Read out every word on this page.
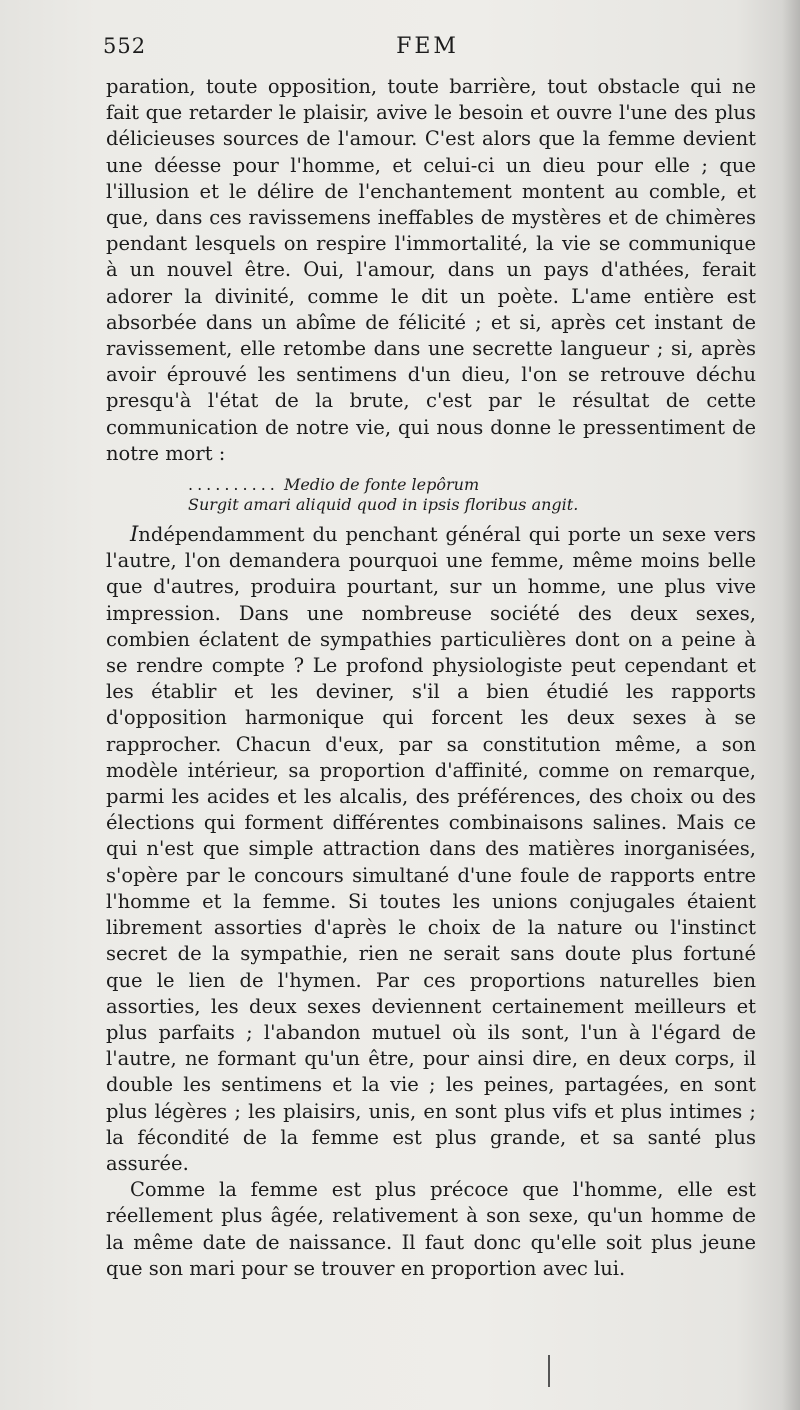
552	FEM

paration, toute opposition, toute barrière, tout obstacle qui ne fait que retarder le plaisir, avive le besoin et ouvre l'une des plus délicieuses sources de l'amour. C'est alors que la femme devient une déesse pour l'homme, et celui-ci un dieu pour elle ; que l'illusion et le délire de l'enchantement montent au comble, et que, dans ces ravissemens ineffables de mystères et de chimères pendant lesquels on respire l'immortalité, la vie se communique à un nouvel être. Oui, l'amour, dans un pays d'athées, ferait adorer la divinité, comme le dit un poète. L'ame entière est absorbée dans un abîme de félicité ; et si, après cet instant de ravissement, elle retombe dans une secrette langueur ; si, après avoir éprouvé les sentimens d'un dieu, l'on se retrouve déchu presqu'à l'état de la brute, c'est par le résultat de cette communication de notre vie, qui nous donne le pressentiment de notre mort :

.......... Medio de fonte lepôrum
Surgit amari aliquid quod in ipsis floribus angit.

Indépendamment du penchant général qui porte un sexe vers l'autre, l'on demandera pourquoi une femme, même moins belle que d'autres, produira pourtant, sur un homme, une plus vive impression. Dans une nombreuse société des deux sexes, combien éclatent de sympathies particulières dont on a peine à se rendre compte ? Le profond physiologiste peut cependant et les établir et les deviner, s'il a bien étudié les rapports d'opposition harmonique qui forcent les deux sexes à se rapprocher. Chacun d'eux, par sa constitution même, a son modèle intérieur, sa proportion d'affinité, comme on remarque, parmi les acides et les alcalis, des préférences, des choix ou des élections qui forment différentes combinaisons salines. Mais ce qui n'est que simple attraction dans des matières inorganisées, s'opère par le concours simultané d'une foule de rapports entre l'homme et la femme. Si toutes les unions conjugales étaient librement assorties d'après le choix de la nature ou l'instinct secret de la sympathie, rien ne serait sans doute plus fortuné que le lien de l'hymen. Par ces proportions naturelles bien assorties, les deux sexes deviennent certainement meilleurs et plus parfaits ; l'abandon mutuel où ils sont, l'un à l'égard de l'autre, ne formant qu'un être, pour ainsi dire, en deux corps, il double les sentimens et la vie ; les peines, partagées, en sont plus légères ; les plaisirs, unis, en sont plus vifs et plus intimes ; la fécondité de la femme est plus grande, et sa santé plus assurée.

Comme la femme est plus précoce que l'homme, elle est réellement plus âgée, relativement à son sexe, qu'un homme de la même date de naissance. Il faut donc qu'elle soit plus jeune que son mari pour se trouver en proportion avec lui.
